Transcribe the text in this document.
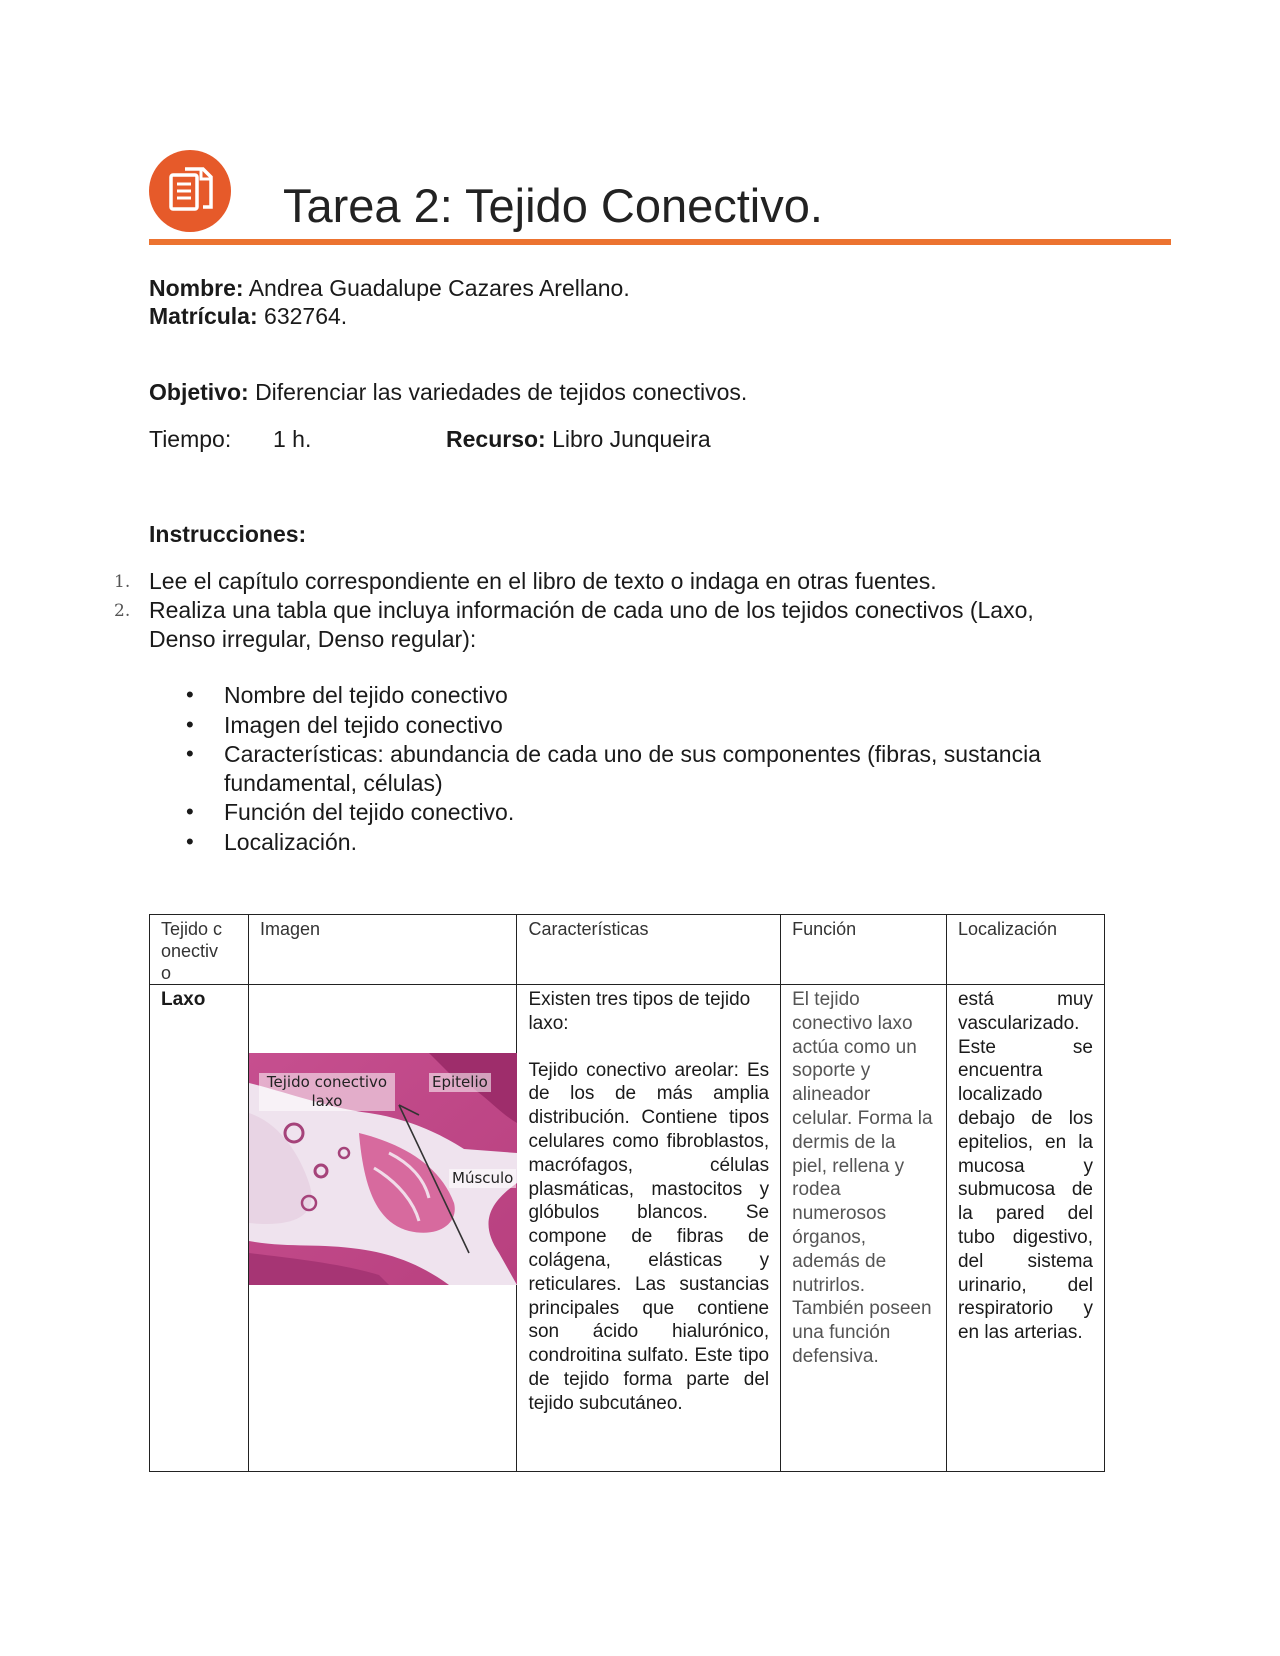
Tarea 2: Tejido Conectivo.
Nombre: Andrea Guadalupe Cazares Arellano.
Matrícula: 632764.
Objetivo: Diferenciar las variedades de tejidos conectivos.
Tiempo: 1 h.	Recurso: Libro Junqueira
Instrucciones:
1. Lee el capítulo correspondiente en el libro de texto o indaga en otras fuentes.
2. Realiza una tabla que incluya información de cada uno de los tejidos conectivos (Laxo,
Denso irregular, Denso regular):
• Nombre del tejido conectivo
• Imagen del tejido conectivo
• Características: abundancia de cada uno de sus componentes (fibras, sustancia
fundamental, células)
• Función del tejido conectivo.
• Localización.
Tejido conectiv o	Imagen	Características	Función	Localización
Laxo		Existen tres tipos de tejido laxo:
Tejido conectivo areolar: Es de los de más amplia distribución. Contiene tipos celulares como fibroblastos, macrófagos, células plasmáticas, mastocitos y glóbulos blancos. Se compone de fibras de colágena, elásticas y reticulares. Las sustancias principales que contiene son ácido hialurónico, condroitina sulfato. Este tipo de tejido forma parte del tejido subcutáneo.	El tejido conectivo laxo actúa como un soporte y alineador celular. Forma la dermis de la piel, rellena y rodea numerosos órganos, además de nutrirlos. También poseen una función defensiva.	está muy vascularizado. Este se encuentra localizado debajo de los epitelios, en la mucosa y submucosa de la pared del tubo digestivo, del sistema urinario, del respiratorio y en las arterias.
Tejido conectivo laxo
Epitelio
Músculo
